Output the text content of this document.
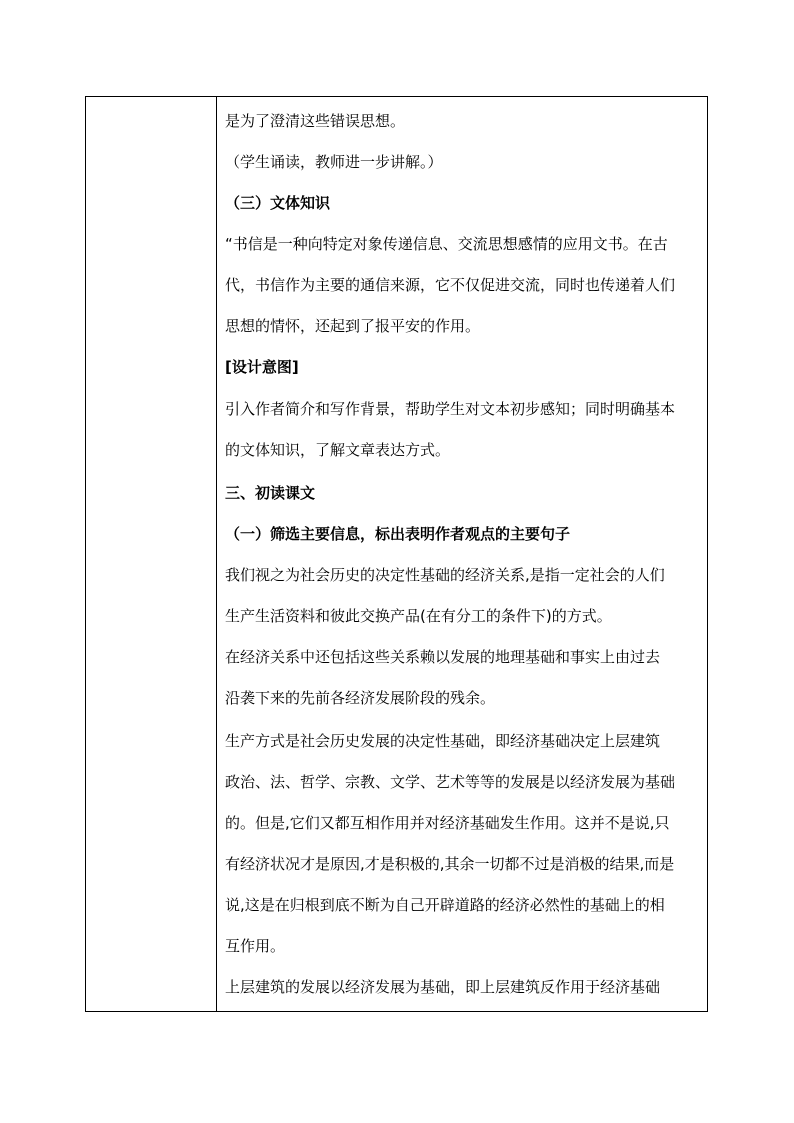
是为了澄清这些错误思想。
（学生诵读，教师进一步讲解。）
（三）文体知识
“书信是一种向特定对象传递信息、交流思想感情的应用文书。在古
代，书信作为主要的通信来源，它不仅促进交流，同时也传递着人们
思想的情怀，还起到了报平安的作用。
[设计意图]
引入作者简介和写作背景，帮助学生对文本初步感知；同时明确基本
的文体知识，了解文章表达方式。
三、初读课文
（一）筛选主要信息，标出表明作者观点的主要句子
我们视之为社会历史的决定性基础的经济关系,是指一定社会的人们
生产生活资料和彼此交换产品(在有分工的条件下)的方式。
在经济关系中还包括这些关系赖以发展的地理基础和事实上由过去
沿袭下来的先前各经济发展阶段的残余。
生产方式是社会历史发展的决定性基础，即经济基础决定上层建筑
政治、法、哲学、宗教、文学、艺术等等的发展是以经济发展为基础
的。但是,它们又都互相作用并对经济基础发生作用。这并不是说,只
有经济状况才是原因,才是积极的,其余一切都不过是消极的结果,而是
说,这是在归根到底不断为自己开辟道路的经济必然性的基础上的相
互作用。
上层建筑的发展以经济发展为基础，即上层建筑反作用于经济基础
